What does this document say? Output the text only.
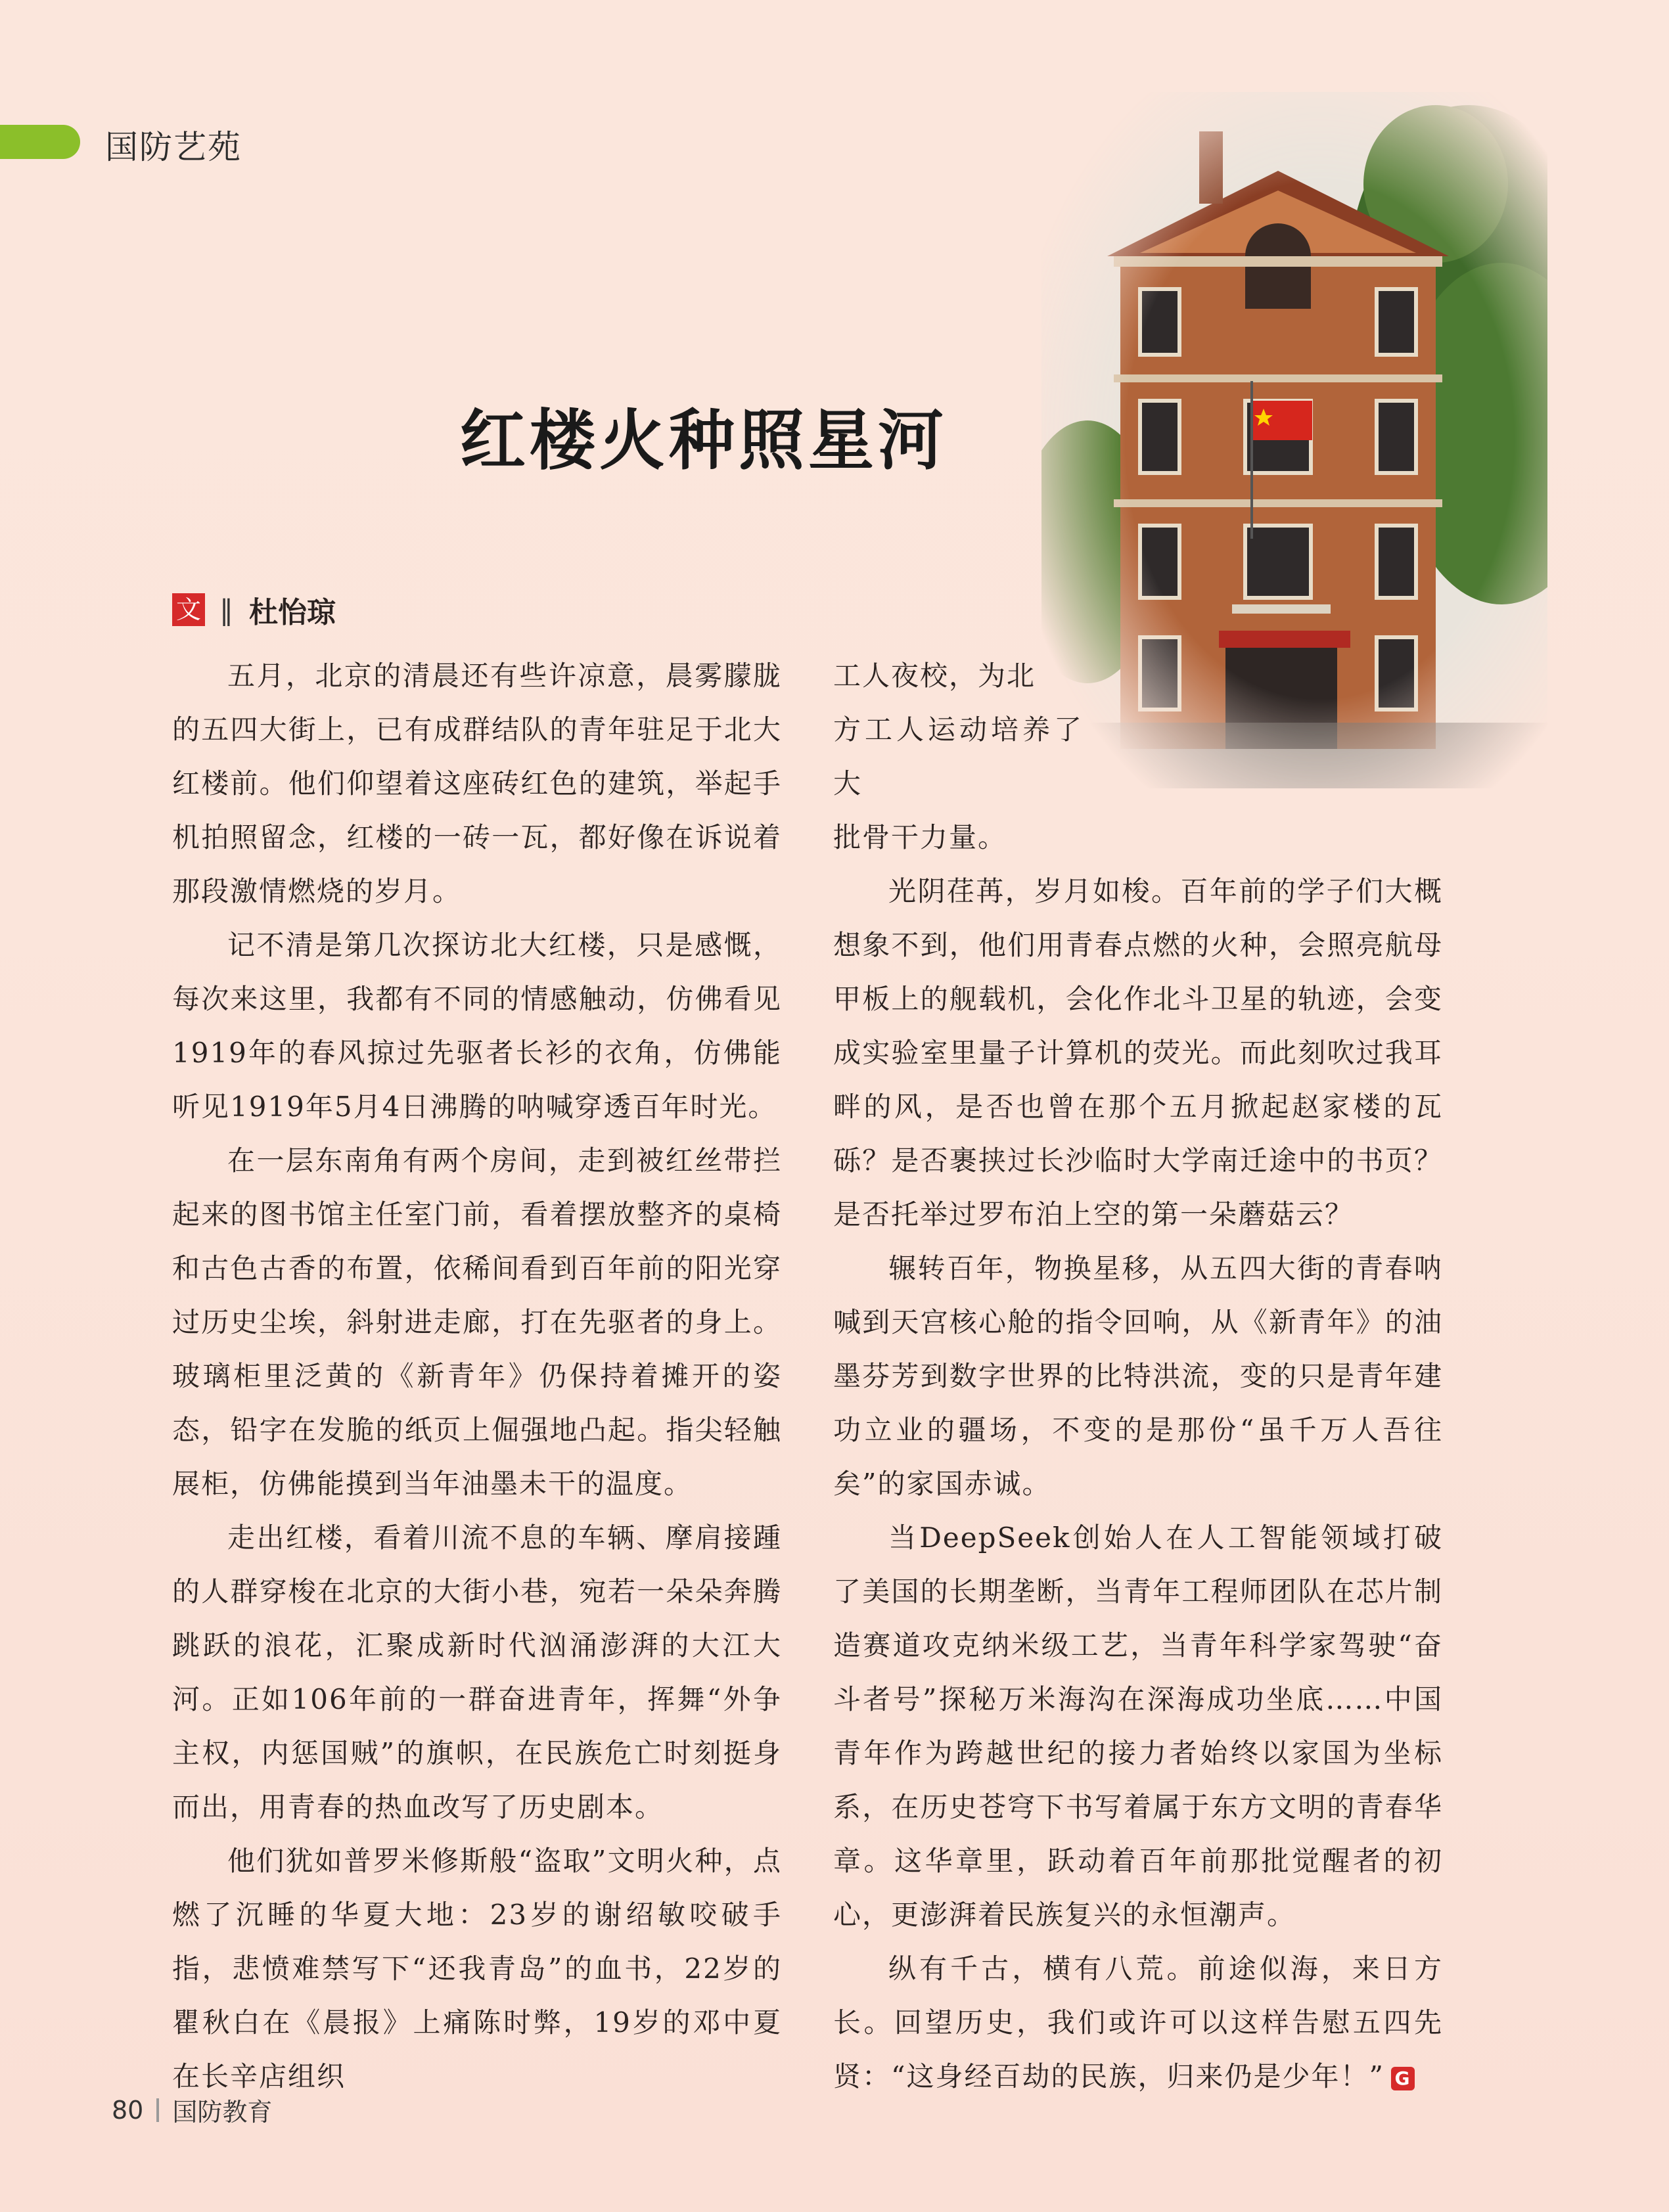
国防艺苑
红楼火种照星河
文 ‖ 杜怡琼

五月，北京的清晨还有些许凉意，晨雾朦胧的五四大街上，已有成群结队的青年驻足于北大红楼前。他们仰望着这座砖红色的建筑，举起手机拍照留念，红楼的一砖一瓦，都好像在诉说着那段激情燃烧的岁月。

记不清是第几次探访北大红楼，只是感慨，每次来这里，我都有不同的情感触动，仿佛看见1919年的春风掠过先驱者长衫的衣角，仿佛能听见1919年5月4日沸腾的呐喊穿透百年时光。

在一层东南角有两个房间，走到被红丝带拦起来的图书馆主任室门前，看着摆放整齐的桌椅和古色古香的布置，依稀间看到百年前的阳光穿过历史尘埃，斜射进走廊，打在先驱者的身上。玻璃柜里泛黄的《新青年》仍保持着摊开的姿态，铅字在发脆的纸页上倔强地凸起。指尖轻触展柜，仿佛能摸到当年油墨未干的温度。

走出红楼，看着川流不息的车辆、摩肩接踵的人群穿梭在北京的大街小巷，宛若一朵朵奔腾跳跃的浪花，汇聚成新时代汹涌澎湃的大江大河。正如106年前的一群奋进青年，挥舞“外争主权，内惩国贼”的旗帜，在民族危亡时刻挺身而出，用青春的热血改写了历史剧本。

他们犹如普罗米修斯般“盗取”文明火种，点燃了沉睡的华夏大地：23岁的谢绍敏咬破手指，悲愤难禁写下“还我青岛”的血书，22岁的瞿秋白在《晨报》上痛陈时弊，19岁的邓中夏在长辛店组织

工人夜校，为北
方工人运动培养了大
批骨干力量。

光阴荏苒，岁月如梭。百年前的学子们大概想象不到，他们用青春点燃的火种，会照亮航母甲板上的舰载机，会化作北斗卫星的轨迹，会变成实验室里量子计算机的荧光。而此刻吹过我耳畔的风，是否也曾在那个五月掀起赵家楼的瓦砾？是否裹挟过长沙临时大学南迁途中的书页？是否托举过罗布泊上空的第一朵蘑菇云？

辗转百年，物换星移，从五四大街的青春呐喊到天宫核心舱的指令回响，从《新青年》的油墨芬芳到数字世界的比特洪流，变的只是青年建功立业的疆场，不变的是那份“虽千万人吾往矣”的家国赤诚。

当DeepSeek创始人在人工智能领域打破了美国的长期垄断，当青年工程师团队在芯片制造赛道攻克纳米级工艺，当青年科学家驾驶“奋斗者号”探秘万米海沟在深海成功坐底……中国青年作为跨越世纪的接力者始终以家国为坐标系，在历史苍穹下书写着属于东方文明的青春华章。这华章里，跃动着百年前那批觉醒者的初心，更澎湃着民族复兴的永恒潮声。

纵有千古，横有八荒。前途似海，来日方长。回望历史，我们或许可以这样告慰五四先贤：“这身经百劫的民族，归来仍是少年！” G

80 国防教育
